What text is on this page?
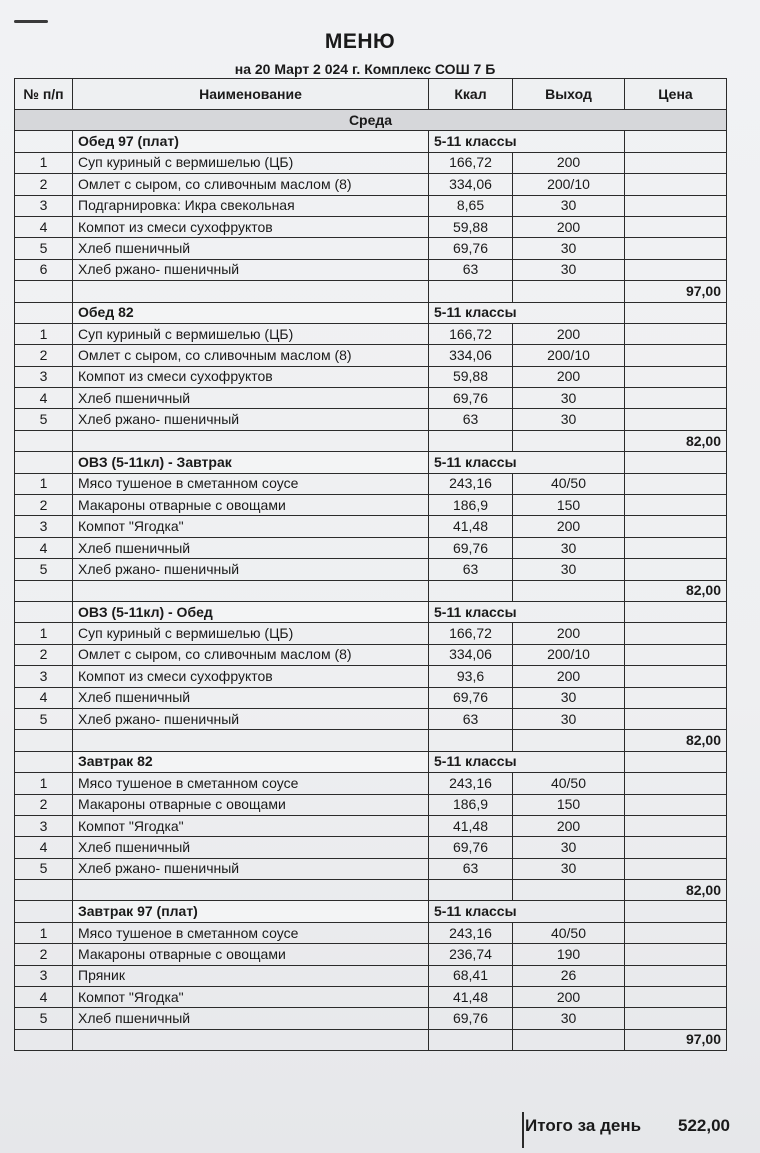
МЕНЮ
на 20 Март 2 024 г. Комплекс СОШ 7 Б
№ п/п	Наименование	Ккал	Выход	Цена
Среда				
	Обед 97 (плат)	5-11 классы		
1	Суп куриный с вермишелью (ЦБ)	166,72	200	
2	Омлет с сыром, со сливочным маслом (8)	334,06	200/10	
3	Подгарнировка: Икра свекольная	8,65	30	
4	Компот из смеси сухофруктов	59,88	200	
5	Хлеб пшеничный	69,76	30	
6	Хлеб ржано- пшеничный	63	30	
				97,00
	Обед 82	5-11 классы		
1	Суп куриный с вермишелью (ЦБ)	166,72	200	
2	Омлет с сыром, со сливочным маслом (8)	334,06	200/10	
3	Компот из смеси сухофруктов	59,88	200	
4	Хлеб пшеничный	69,76	30	
5	Хлеб ржано- пшеничный	63	30	
				82,00
	ОВЗ (5-11кл) - Завтрак	5-11 классы		
1	Мясо тушеное в сметанном соусе	243,16	40/50	
2	Макароны отварные с овощами	186,9	150	
3	Компот "Ягодка"	41,48	200	
4	Хлеб пшеничный	69,76	30	
5	Хлеб ржано- пшеничный	63	30	
				82,00
	ОВЗ (5-11кл) - Обед	5-11 классы		
1	Суп куриный с вермишелью (ЦБ)	166,72	200	
2	Омлет с сыром, со сливочным маслом (8)	334,06	200/10	
3	Компот из смеси сухофруктов	93,6	200	
4	Хлеб пшеничный	69,76	30	
5	Хлеб ржано- пшеничный	63	30	
				82,00
	Завтрак 82	5-11 классы		
1	Мясо тушеное в сметанном соусе	243,16	40/50	
2	Макароны отварные с овощами	186,9	150	
3	Компот "Ягодка"	41,48	200	
4	Хлеб пшеничный	69,76	30	
5	Хлеб ржано- пшеничный	63	30	
				82,00
	Завтрак 97 (плат)	5-11 классы		
1	Мясо тушеное в сметанном соусе	243,16	40/50	
2	Макароны отварные с овощами	236,74	190	
3	Пряник	68,41	26	
4	Компот "Ягодка"	41,48	200	
5	Хлеб пшеничный	69,76	30	
				97,00
Итого за день 522,00
